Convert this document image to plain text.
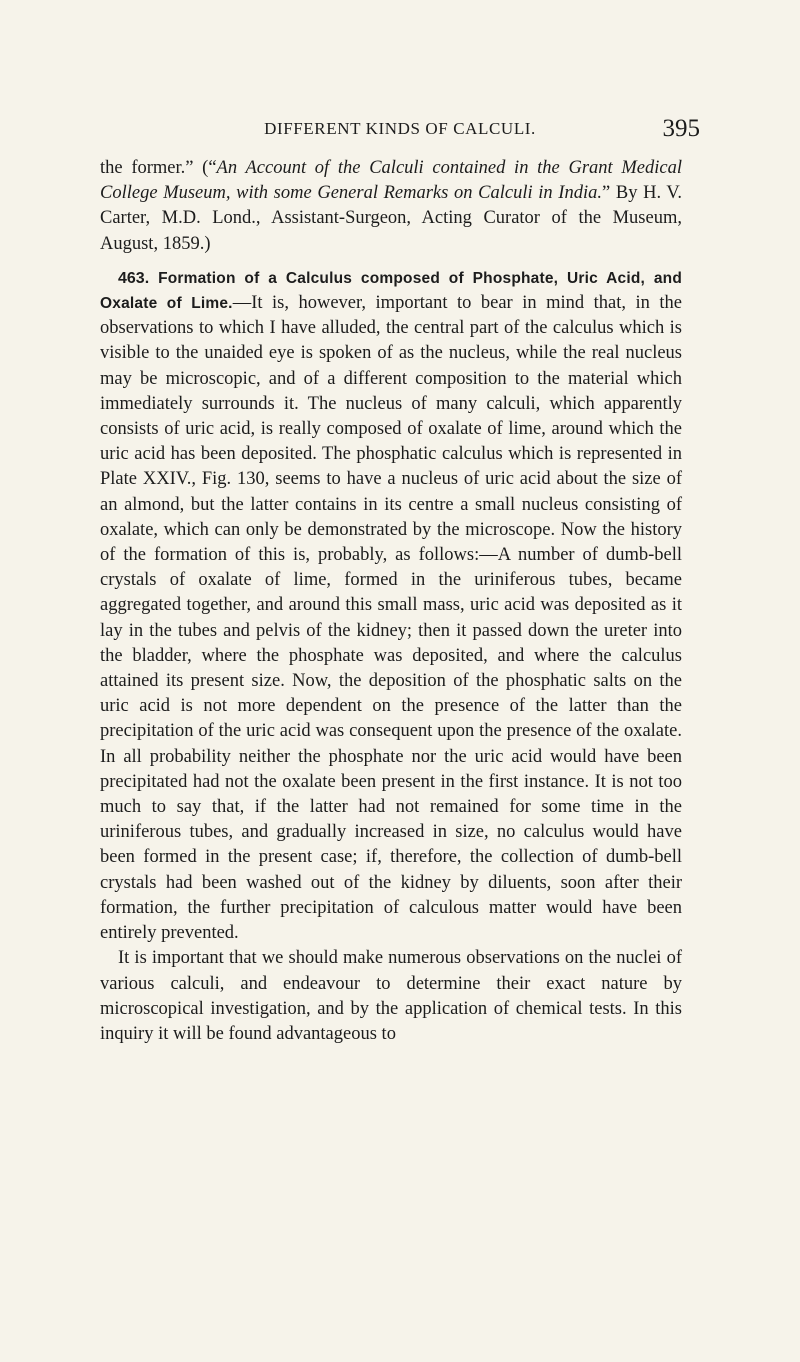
DIFFERENT KINDS OF CALCULI.	395

the former.” (“An Account of the Calculi contained in the Grant Medical College Museum, with some General Remarks on Calculi in India.” By H. V. Carter, M.D. Lond., Assistant-Surgeon, Acting Curator of the Museum, August, 1859.)

463. Formation of a Calculus composed of Phosphate, Uric Acid, and Oxalate of Lime.—It is, however, important to bear in mind that, in the observations to which I have alluded, the central part of the calculus which is visible to the unaided eye is spoken of as the nucleus, while the real nucleus may be microscopic, and of a different composition to the material which immediately surrounds it. The nucleus of many calculi, which apparently consists of uric acid, is really composed of oxalate of lime, around which the uric acid has been deposited. The phosphatic calculus which is represented in Plate XXIV., Fig. 130, seems to have a nucleus of uric acid about the size of an almond, but the latter contains in its centre a small nucleus consisting of oxalate, which can only be demonstrated by the microscope. Now the history of the formation of this is, probably, as follows:—A number of dumb-bell crystals of oxalate of lime, formed in the uriniferous tubes, became aggregated together, and around this small mass, uric acid was deposited as it lay in the tubes and pelvis of the kidney; then it passed down the ureter into the bladder, where the phosphate was deposited, and where the calculus attained its present size. Now, the deposition of the phosphatic salts on the uric acid is not more dependent on the presence of the latter than the precipitation of the uric acid was consequent upon the presence of the oxalate. In all probability neither the phosphate nor the uric acid would have been precipitated had not the oxalate been present in the first instance. It is not too much to say that, if the latter had not remained for some time in the uriniferous tubes, and gradually increased in size, no calculus would have been formed in the present case; if, therefore, the collection of dumb-bell crystals had been washed out of the kidney by diluents, soon after their formation, the further precipitation of calculous matter would have been entirely prevented.

It is important that we should make numerous observations on the nuclei of various calculi, and endeavour to determine their exact nature by microscopical investigation, and by the application of chemical tests. In this inquiry it will be found advantageous to
